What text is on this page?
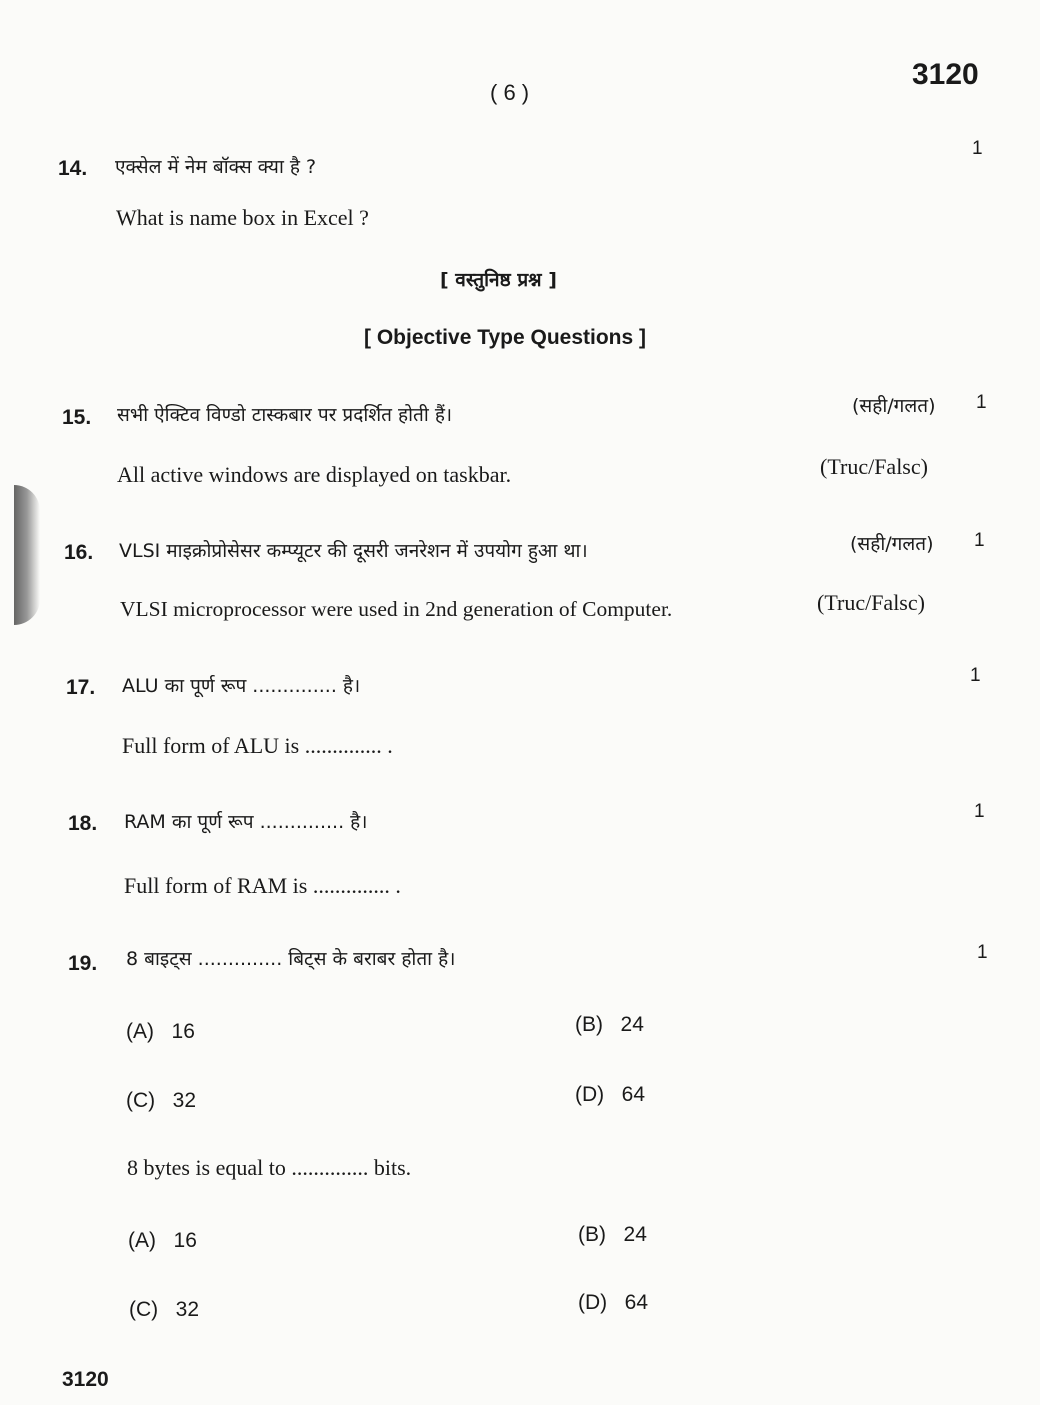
( 6 )
3120
14. एक्सेल में नेम बॉक्स क्या है ?
1
What is name box in Excel ?
[ वस्तुनिष्ठ प्रश्न ]
[ Objective Type Questions ]
15. सभी ऐक्टिव विण्डो टास्कबार पर प्रदर्शित होती हैं।	(सही/गलत) 1
All active windows are displayed on taskbar.	(Truc/Falsc)
16. VLSI माइक्रोप्रोसेसर कम्प्यूटर की दूसरी जनरेशन में उपयोग हुआ था।	(सही/गलत) 1
VLSI microprocessor were used in 2nd generation of Computer.	(Truc/Falsc)
17. ALU का पूर्ण रूप .............. है।	1
Full form of ALU is .............. .
18. RAM का पूर्ण रूप .............. है।	1
Full form of RAM is .............. .
19. 8 बाइट्स .............. बिट्स के बराबर होता है।	1
(A) 16	(B) 24
(C) 32	(D) 64
8 bytes is equal to .............. bits.
(A) 16	(B) 24
(C) 32	(D) 64
3120
